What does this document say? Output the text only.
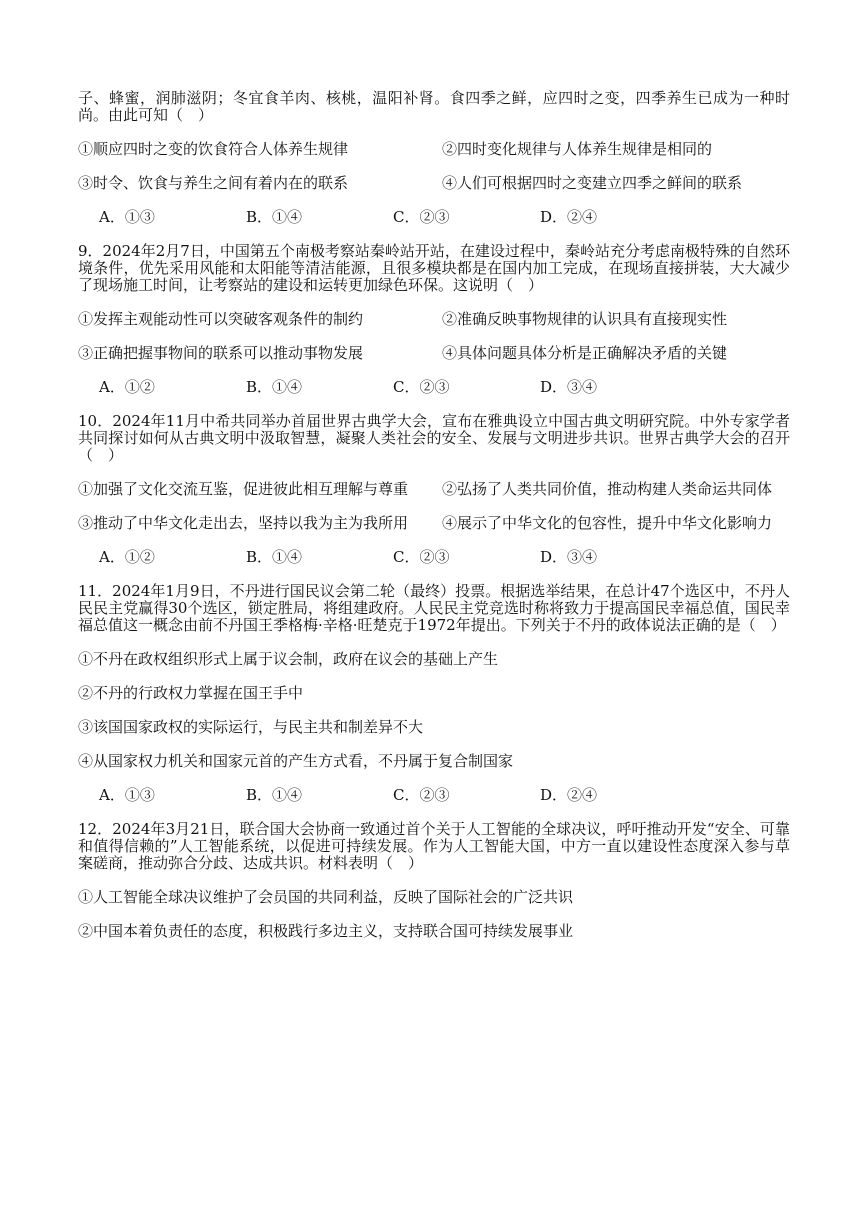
子、蜂蜜，润肺滋阴；冬宜食羊肉、核桃，温阳补肾。食四季之鲜，应四时之变，四季养生已成为一种时尚。由此可知（　）

①顺应四时之变的饮食符合人体养生规律	②四时变化规律与人体养生规律是相同的
③时令、饮食与养生之间有着内在的联系	④人们可根据四时之变建立四季之鲜间的联系
A．①③	B．①④	C．②③	D．②④

9．2024年2月7日，中国第五个南极考察站秦岭站开站，在建设过程中，秦岭站充分考虑南极特殊的自然环境条件，优先采用风能和太阳能等清洁能源，且很多模块都是在国内加工完成，在现场直接拼装，大大减少了现场施工时间，让考察站的建设和运转更加绿色环保。这说明（　）

①发挥主观能动性可以突破客观条件的制约	②准确反映事物规律的认识具有直接现实性
③正确把握事物间的联系可以推动事物发展	④具体问题具体分析是正确解决矛盾的关键
A．①②	B．①④	C．②③	D．③④

10．2024年11月中希共同举办首届世界古典学大会，宣布在雅典设立中国古典文明研究院。中外专家学者共同探讨如何从古典文明中汲取智慧，凝聚人类社会的安全、发展与文明进步共识。世界古典学大会的召开（　）

①加强了文化交流互鉴，促进彼此相互理解与尊重	②弘扬了人类共同价值，推动构建人类命运共同体
③推动了中华文化走出去，坚持以我为主为我所用	④展示了中华文化的包容性，提升中华文化影响力
A．①②	B．①④	C．②③	D．③④

11．2024年1月9日，不丹进行国民议会第二轮（最终）投票。根据选举结果，在总计47个选区中，不丹人民民主党赢得30个选区，锁定胜局，将组建政府。人民民主党竞选时称将致力于提高国民幸福总值，国民幸福总值这一概念由前不丹国王季格梅·辛格·旺楚克于1972年提出。下列关于不丹的政体说法正确的是（　）

①不丹在政权组织形式上属于议会制，政府在议会的基础上产生
②不丹的行政权力掌握在国王手中
③该国国家政权的实际运行，与民主共和制差异不大
④从国家权力机关和国家元首的产生方式看，不丹属于复合制国家
A．①③	B．①④	C．②③	D．②④

12．2024年3月21日，联合国大会协商一致通过首个关于人工智能的全球决议，呼吁推动开发“安全、可靠和值得信赖的”人工智能系统，以促进可持续发展。作为人工智能大国，中方一直以建设性态度深入参与草案磋商，推动弥合分歧、达成共识。材料表明（　）

①人工智能全球决议维护了会员国的共同利益，反映了国际社会的广泛共识
②中国本着负责任的态度，积极践行多边主义，支持联合国可持续发展事业
